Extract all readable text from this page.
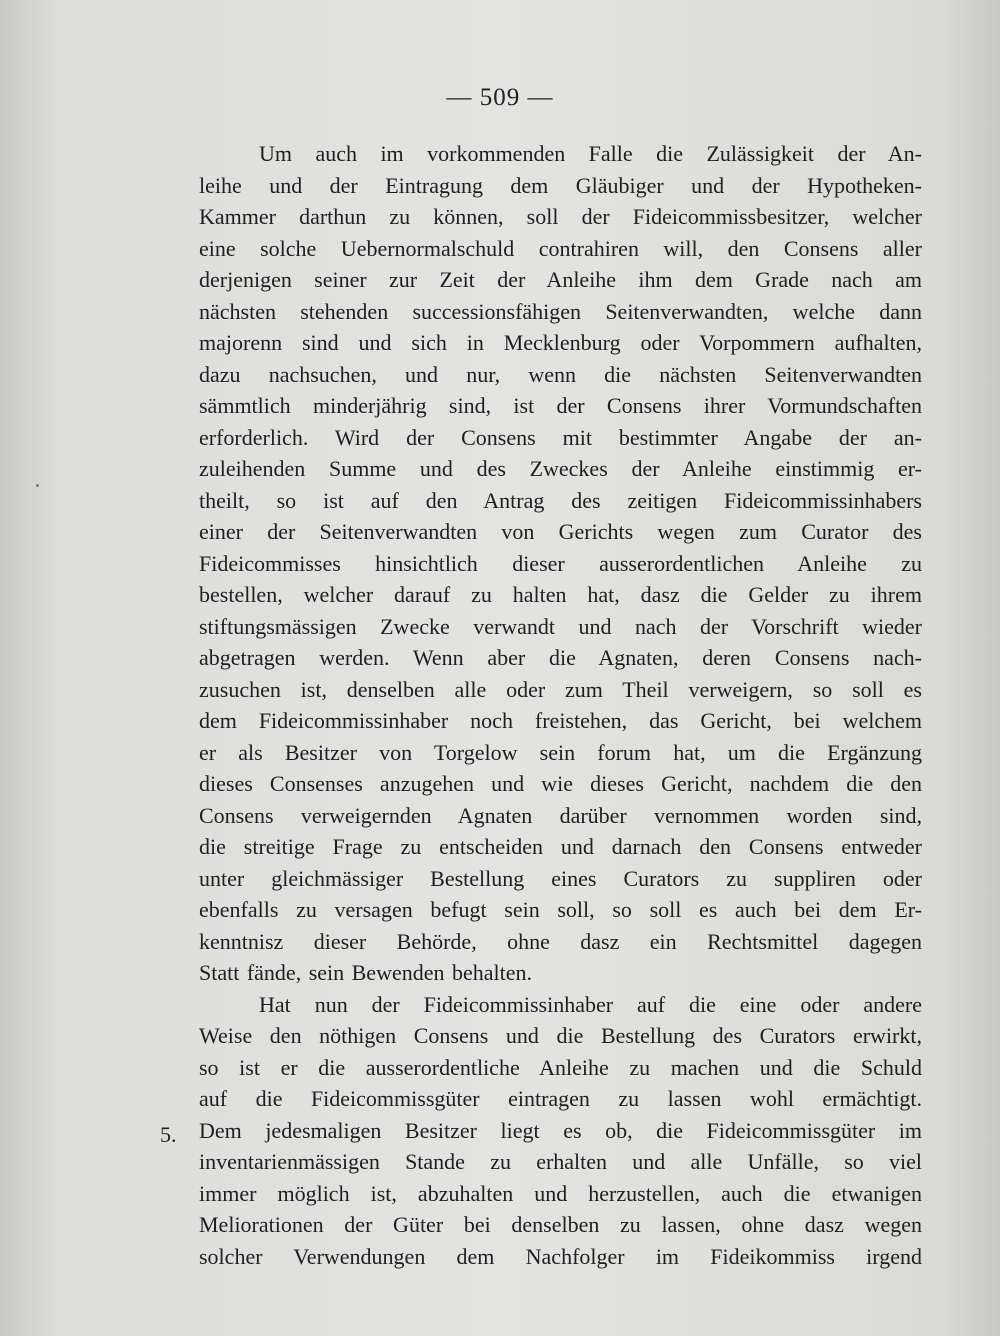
— 509 —
Um auch im vorkommenden Falle die Zulässigkeit der An-
leihe und der Eintragung dem Gläubiger und der Hypotheken-
Kammer darthun zu können, soll der Fideicommissbesitzer, welcher
eine solche Uebernormalschuld contrahiren will, den Consens aller
derjenigen seiner zur Zeit der Anleihe ihm dem Grade nach am
nächsten stehenden successionsfähigen Seitenverwandten, welche dann
majorenn sind und sich in Mecklenburg oder Vorpommern aufhalten,
dazu nachsuchen, und nur, wenn die nächsten Seitenverwandten
sämmtlich minderjährig sind, ist der Consens ihrer Vormundschaften
erforderlich. Wird der Consens mit bestimmter Angabe der an-
zuleihenden Summe und des Zweckes der Anleihe einstimmig er-
theilt, so ist auf den Antrag des zeitigen Fideicommissinhabers
einer der Seitenverwandten von Gerichts wegen zum Curator des
Fideicommisses hinsichtlich dieser ausserordentlichen Anleihe zu
bestellen, welcher darauf zu halten hat, dasz die Gelder zu ihrem
stiftungsmässigen Zwecke verwandt und nach der Vorschrift wieder
abgetragen werden. Wenn aber die Agnaten, deren Consens nach-
zusuchen ist, denselben alle oder zum Theil verweigern, so soll es
dem Fideicommissinhaber noch freistehen, das Gericht, bei welchem
er als Besitzer von Torgelow sein forum hat, um die Ergänzung
dieses Consenses anzugehen und wie dieses Gericht, nachdem die den
Consens verweigernden Agnaten darüber vernommen worden sind,
die streitige Frage zu entscheiden und darnach den Consens entweder
unter gleichmässiger Bestellung eines Curators zu suppliren oder
ebenfalls zu versagen befugt sein soll, so soll es auch bei dem Er-
kenntnisz dieser Behörde, ohne dasz ein Rechtsmittel dagegen
Statt fände, sein Bewenden behalten.
Hat nun der Fideicommissinhaber auf die eine oder andere
Weise den nöthigen Consens und die Bestellung des Curators erwirkt,
so ist er die ausserordentliche Anleihe zu machen und die Schuld
auf die Fideicommissgüter eintragen zu lassen wohl ermächtigt.
Dem jedesmaligen Besitzer liegt es ob, die Fideicommissgüter im
inventarienmässigen Stande zu erhalten und alle Unfälle, so viel
immer möglich ist, abzuhalten und herzustellen, auch die etwanigen
Meliorationen der Güter bei denselben zu lassen, ohne dasz wegen
solcher Verwendungen dem Nachfolger im Fideikommiss irgend
5.
